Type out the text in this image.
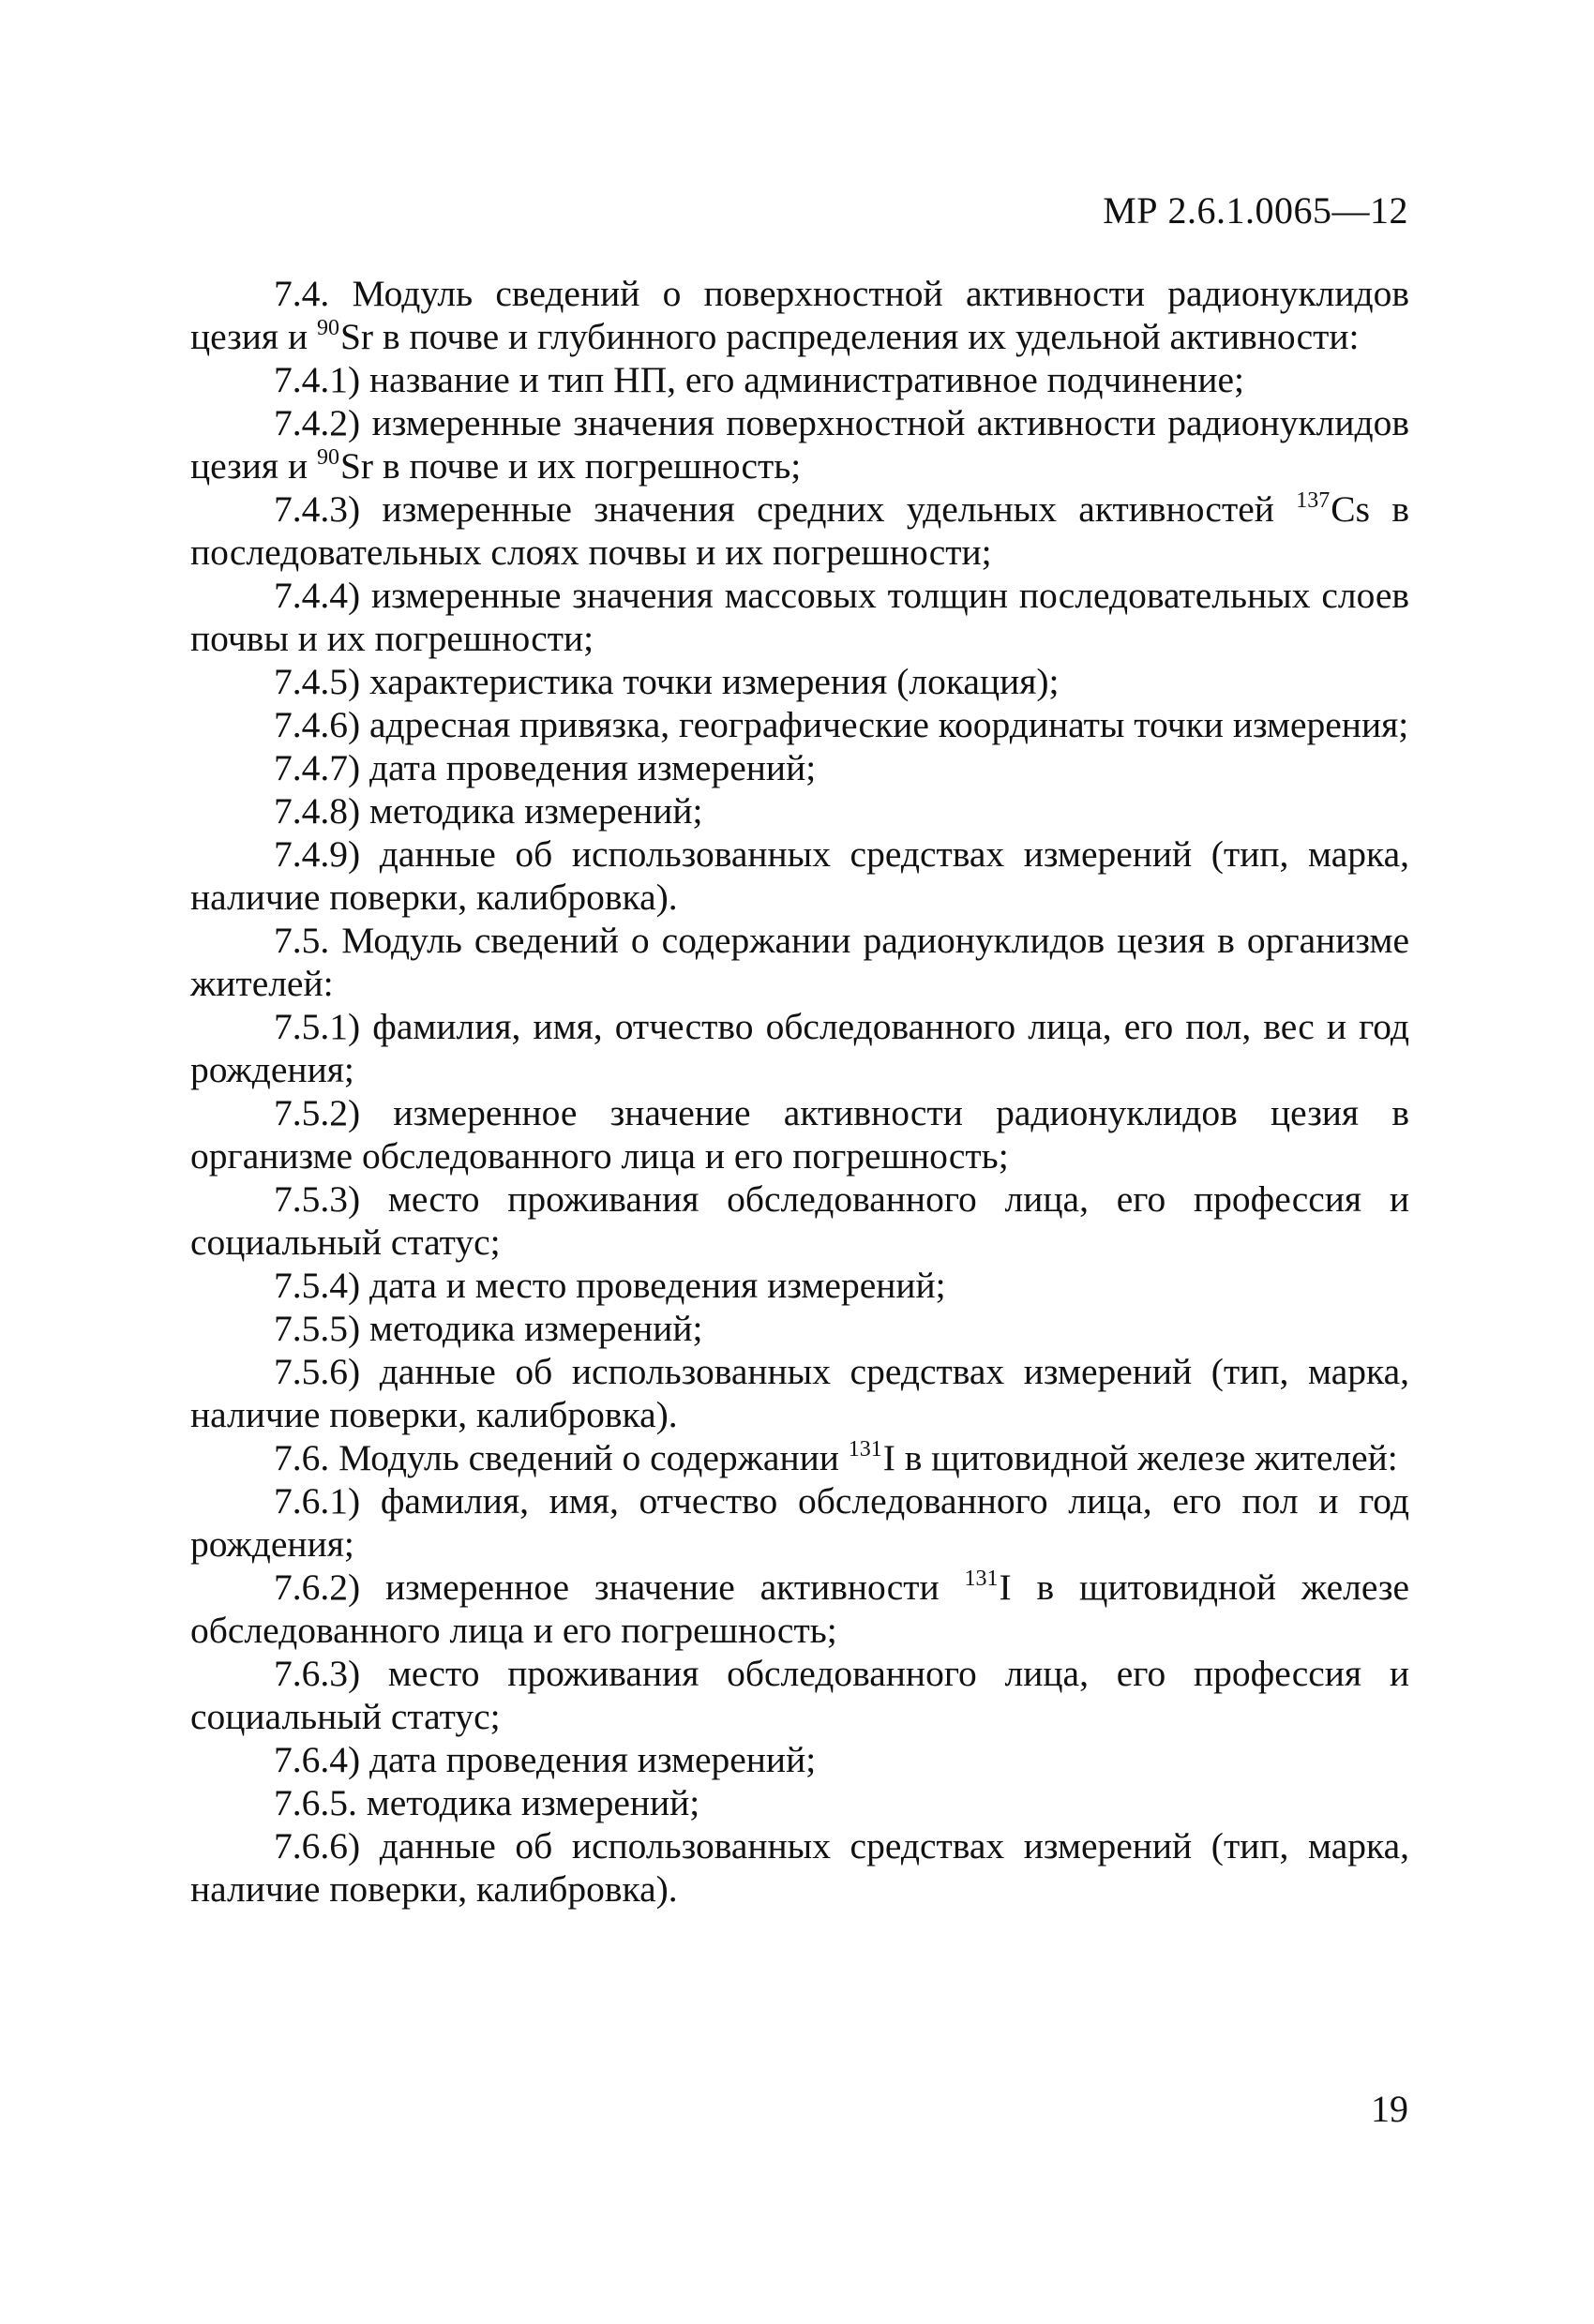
МР 2.6.1.0065—12

7.4. Модуль сведений о поверхностной активности радионуклидов цезия и $^{90}$Sr в почве и глубинного распределения их удельной активности:

7.4.1) название и тип НП, его административное подчинение;

7.4.2) измеренные значения поверхностной активности радионуклидов цезия и $^{90}$Sr в почве и их погрешность;

7.4.3) измеренные значения средних удельных активностей $^{137}$Cs в последовательных слоях почвы и их погрешности;

7.4.4) измеренные значения массовых толщин последовательных слоев почвы и их погрешности;

7.4.5) характеристика точки измерения (локация);

7.4.6) адресная привязка, географические координаты точки измерения;

7.4.7) дата проведения измерений;

7.4.8) методика измерений;

7.4.9) данные об использованных средствах измерений (тип, марка, наличие поверки, калибровка).

7.5. Модуль сведений о содержании радионуклидов цезия в организме жителей:

7.5.1) фамилия, имя, отчество обследованного лица, его пол, вес и год рождения;

7.5.2) измеренное значение активности радионуклидов цезия в организме обследованного лица и его погрешность;

7.5.3) место проживания обследованного лица, его профессия и социальный статус;

7.5.4) дата и место проведения измерений;

7.5.5) методика измерений;

7.5.6) данные об использованных средствах измерений (тип, марка, наличие поверки, калибровка).

7.6. Модуль сведений о содержании $^{131}$I в щитовидной железе жителей:

7.6.1) фамилия, имя, отчество обследованного лица, его пол и год рождения;

7.6.2) измеренное значение активности $^{131}$I в щитовидной железе обследованного лица и его погрешность;

7.6.3) место проживания обследованного лица, его профессия и социальный статус;

7.6.4) дата проведения измерений;

7.6.5. методика измерений;

7.6.6) данные об использованных средствах измерений (тип, марка, наличие поверки, калибровка).

19
